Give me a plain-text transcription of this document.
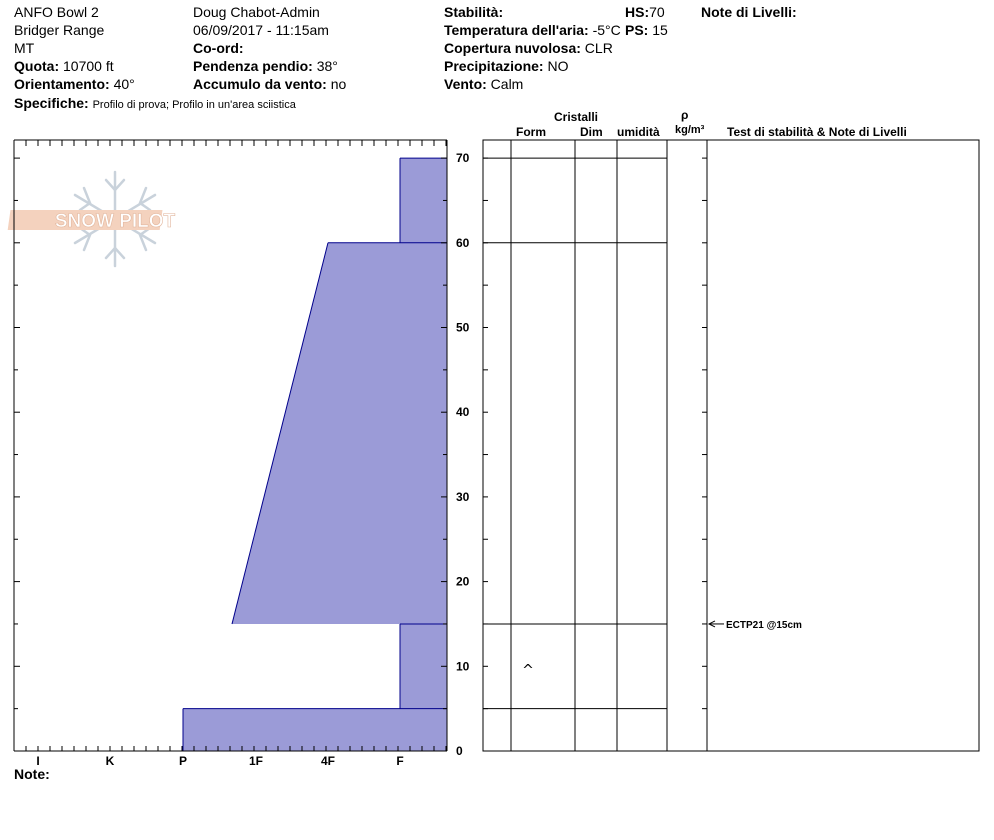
ANFO Bowl 2
Bridger Range
MT
Quota: 10700 ft
Orientamento: 40°
Specifiche: Profilo di prova; Profilo in un'area sciistica
Doug Chabot-Admin
06/09/2017 - 11:15am
Co-ord:
Pendenza pendio: 38°
Accumulo da vento: no
Stabilità:
Temperatura dell'aria: -5°C
Copertura nuvolosa: CLR
Precipitazione: NO
Vento: Calm
HS:70
PS: 15
Note di Livelli:
Cristalli
Form	Dim umidità
ρ
kg/m³ Test di stabilità & Note di Livelli
SNOW PILOT
I	K	P	1F	4F	F
0
10
20
30
40
50
60
70
^
ECTP21 @15cm
Note:
